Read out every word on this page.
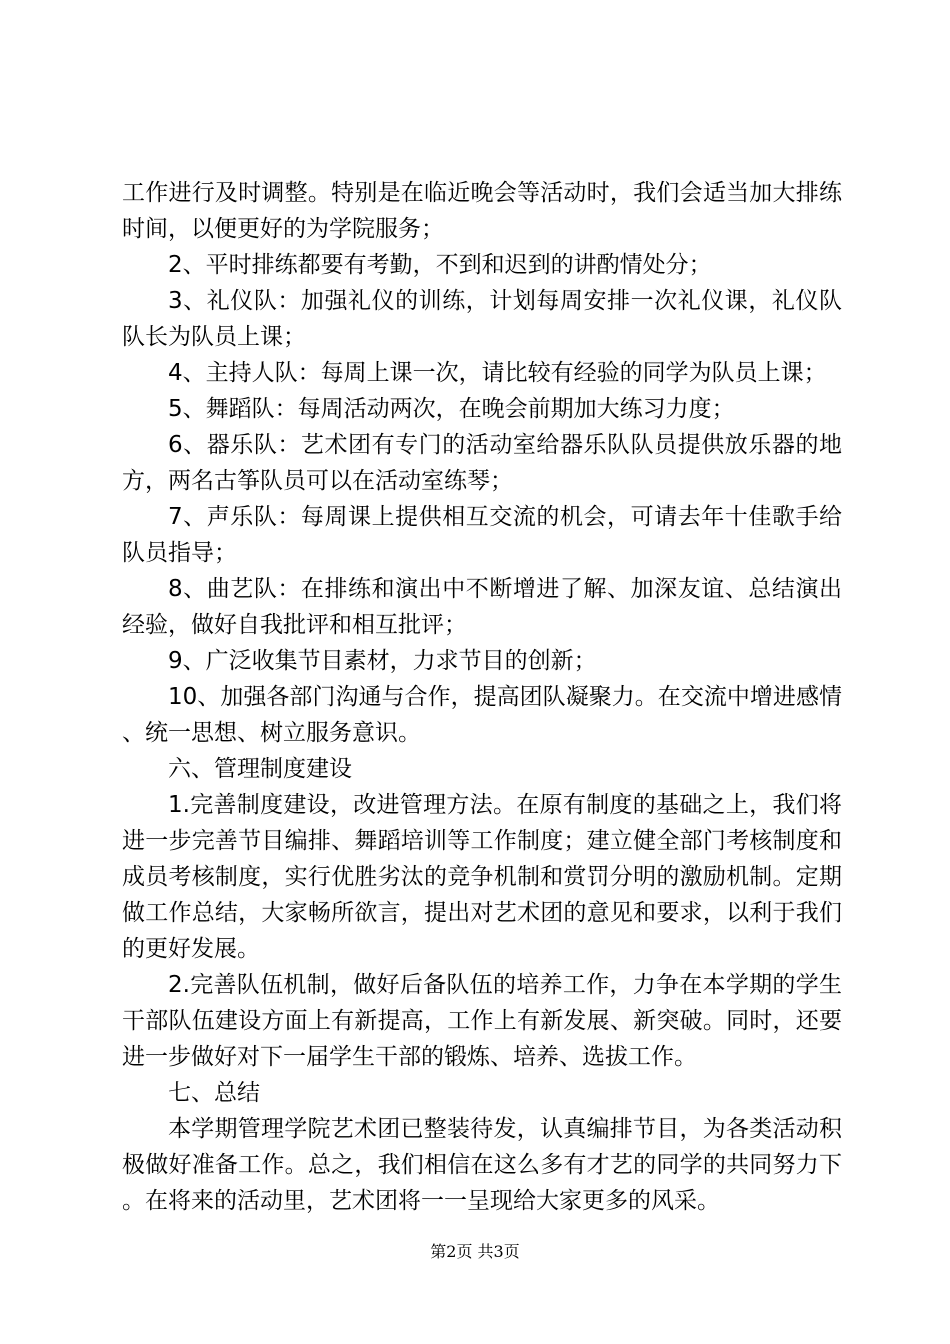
工作进行及时调整。特别是在临近晚会等活动时，我们会适当加大排练时间，以便更好的为学院服务；

2、平时排练都要有考勤，不到和迟到的讲酌情处分；

3、礼仪队：加强礼仪的训练，计划每周安排一次礼仪课，礼仪队队长为队员上课；

4、主持人队：每周上课一次，请比较有经验的同学为队员上课；

5、舞蹈队：每周活动两次，在晚会前期加大练习力度；

6、器乐队：艺术团有专门的活动室给器乐队队员提供放乐器的地方，两名古筝队员可以在活动室练琴；

7、声乐队：每周课上提供相互交流的机会，可请去年十佳歌手给队员指导；

8、曲艺队：在排练和演出中不断增进了解、加深友谊、总结演出经验，做好自我批评和相互批评；

9、广泛收集节目素材，力求节目的创新；

10、加强各部门沟通与合作，提高团队凝聚力。在交流中增进感情、统一思想、树立服务意识。

六、管理制度建设

1.完善制度建设，改进管理方法。在原有制度的基础之上，我们将进一步完善节目编排、舞蹈培训等工作制度；建立健全部门考核制度和成员考核制度，实行优胜劣汰的竞争机制和赏罚分明的激励机制。定期做工作总结，大家畅所欲言，提出对艺术团的意见和要求，以利于我们的更好发展。

2.完善队伍机制，做好后备队伍的培养工作，力争在本学期的学生干部队伍建设方面上有新提高，工作上有新发展、新突破。同时，还要进一步做好对下一届学生干部的锻炼、培养、选拔工作。

七、总结

本学期管理学院艺术团已整装待发，认真编排节目，为各类活动积极做好准备工作。总之，我们相信在这么多有才艺的同学的共同努力下。在将来的活动里，艺术团将一一呈现给大家更多的风采。

第2页 共3页
